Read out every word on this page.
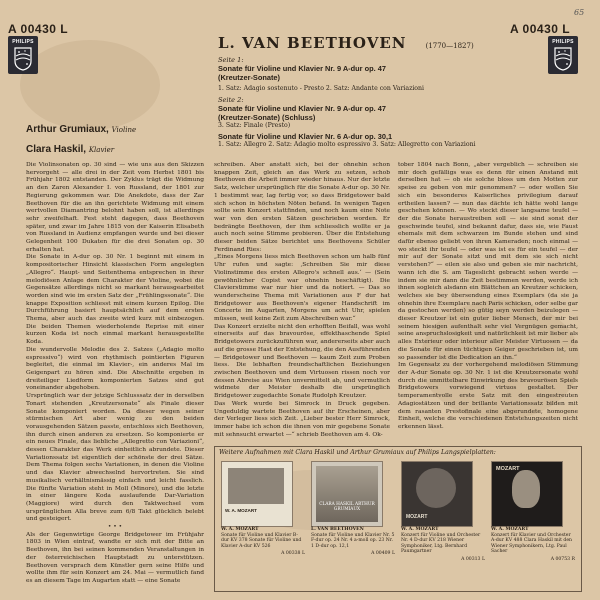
A 00430 L	A 00430 L
65
PHILIPS	PHILIPS
L. VAN BEETHOVEN	(1770—1827)
Seite 1:
Sonate für Violine und Klavier Nr. 9 A-dur op. 47
(Kreutzer-Sonate)
1. Satz: Adagio sostenuto - Presto 2. Satz: Andante con Variazioni
Seite 2:
Sonate für Violine und Klavier Nr. 9 A-dur op. 47
(Kreutzer-Sonate) (Schluss)
3. Satz: Finale (Presto)
Sonate für Violine und Klavier Nr. 6 A-dur op. 30,1
1. Satz: Allegro 2. Satz: Adagio molto espressivo 3. Satz: Allegretto con Variazioni
Arthur Grumiaux, Violine
Clara Haskil, Klavier

Die Violinsonaten op. 30 sind — wie uns aus den Skizzen hervorgeht — alle drei in der Zeit vom Herbst 1801 bis Frühjahr 1802 entstanden. Der Zyklus trägt die Widmung an den Zaren Alexander I. von Russland, der 1801 zur Regierung gekommen war. Die Anekdote, dass der Zar Beethoven für die an ihn gerichtete Widmung mit einem wertvollen Diamantring belohnt haben soll, ist allerdings sehr zweifelhaft. Fest steht dagegen, dass Beethoven später, und zwar im Jahre 1815 von der Kaiserin Elisabeth von Russland in Audienz empfangen wurde und bei dieser Gelegenheit 100 Dukaten für die drei Sonaten op. 30 erhalten hat.

Die Sonate in A-dur op. 30 Nr. 1 beginnt mit einem in kompositorischer Hinsicht klassischen Form angelegten „Allegro“. Haupt- und Seitenthema entsprechen in ihrer melodiösen Anlage dem Charakter der Violine, wobei die Gegensätze allerdings nicht so markant herausgearbeitet worden sind wie im ersten Satz der „Frühlingssonate“. Die knappe Exposition schliesst mit einem kurzen Epilog. Die Durchführung basiert hauptsächlich auf dem ersten Thema, aber auch das zweite wird kurz mit einbezogen. Die beiden Themen wiederholende Reprise mit einer kurzen Koda ist noch einmal markant herausgestellte Koda.

Die wundervolle Melodie des 2. Satzes („Adagio molto espressivo“) wird von rhythmisch pointierten Figuren begleitet, die einmal im Klavier-, ein anderes Mal im Geigenpart zu hören sind. Die Abschnitte ergeben in dreiteiliger Liedform komponierten Satzes sind gut voneinander abgehoben.

Ursprünglich war der jetzige Schlusssatz der in derselben Tonart stehenden „Kreutzersonate“ als Finale dieser Sonate komponiert worden. Da dieser wegen seiner stürmischen Art aber wenig zu den beiden vorausgehenden Sätzen passte, entschloss sich Beethoven, ihn durch einen anderen zu ersetzen. So komponierte er ein neues Finale, das liebliche „Allegretto con Variazioni“, dessen Charakter das Werk einheitlich abrundete. Dieser Variationssatz ist eigentlich der schönste der drei Sätze. Dem Thema folgen sechs Variationen, in denen die Violine und das Klavier abwechselnd hervortreten. Sie sind musikalisch verhältnismässig einfach und leicht fasslich. Die fünfte Variation steht in Moll (Minore), und die letzte in einer längere Koda auslaufende Dar-Variation (Maggiore) wird durch den Taktwechsel vom ursprünglichen Alla breve zum 6/8 Takt glücklich belebt und gesteigert.

• • •

Als der Gegenwirtige George Bridgetower im Frühjahr 1803 in Wien eintraf, wandte er sich mit der Bitte an Beethoven, ihn bei seinen kommenden Veranstaltungen in der österreichischen Hauptstadt zu unterstützen. Beethoven versprach dem Künstler gern seine Hilfe und wollte ihm für sein Konzert am 24. Mai — vermutlich fand es an diesem Tage im Augarten statt — eine Sonate

schreiben. Aber anstatt sich, bei der ohnehin schon knappen Zeit, gleich an das Werk zu setzen, schob Beethoven die Arbeit immer wieder hinaus. Nur der letzte Satz, welcher ursprünglich für die Sonate A-dur op. 30 Nr. 1 bestimmt war, lag fertig vor, so dass Bridgetower bald sich schon in höchsten Nöten befand. In wenigen Tagen sollte sein Konzert stattfinden, und noch kaum eine Note war von den ersten Sätzen geschrieben worden. Er bedrängte Beethoven, der ihm schliesslich wollte er ja auch noch seine Stimme probieren. Über die Entstehung dieser beiden Sätze berichtet uns Beethovens Schüler Ferdinand Ries:

„Eines Morgens liess mich Beethoven schon um halb fünf Uhr rufen und sagte: ‚Schreiben Sie mir diese Violinstimme des ersten Allegro's schnell aus.‘ — (Sein gewöhnlicher Copist war ohnehin beschäftigt). Die Clavierstimme war nur hier und da notiert. — Das so wunderscheine Thema mit Variationen aus F dur hat Bridgetower aus Beethoven's eigener Handschrift im Concerte im Augarten, Morgens um acht Uhr, spielen müssen, weil keine Zeit zum Abschreiben war.“

Das Konzert erzielte nicht den erhofften Beifall, was wohl einerseits auf das bravouröse, effekthaschende Spiel Bridgetowers zurückzuführen war, andererseits aber auch auf die grosse Hast der Entstehung, die den Ausführenden — Bridgetower und Beethoven — kaum Zeit zum Proben liess. Die lebhaften freundschaftlichen Beziehungen zwischen Beethoven und dem Virtuosen rissen noch vor dessen Abreise aus Wien unvermittelt ab, und vermutlich widmete der Meister deshalb die ursprünglich Bridgetower zugedachte Sonate Rudolph Kreutzer.

Das Werk wurde bei Simrock in Druck gegeben. Ungeduldig wartete Beethoven auf ihr Erscheinen, aber der Verleger liess sich Zeit. „Lieber bester Herr Simrock, immer habe ich schon die ihnen von mir gegebene Sonate mit sehnsucht erwartet —“ schrieb Beethoven am 4. Ok-

tober 1804 nach Bonn, „aber vergeblich — schreiben sie mir doch gefälligs was es denn für einen Anstand mit derselben hat — ob sie solche bloss um den Motten zur speise zu geben von mir genommen? — oder wollen Sie sich ein besonderes Kaiserliches privilegium darauf ertheilen lassen? — nun das dächte ich hätte wohl lange geschehen können. — Wo steckt dieser langsame teufel — der die Sonate heraustreiben soll — sie sind sonst der geschwinde teufel, sind bekannt dafur, dass sie, wie Faust ehemals mit dem schwarzen im Bunde stehen und sind dafür ebenso geliebt von ihren Kameraden; noch einmal — wo steckt ihr teufel — oder was ist es für ein teufel — der mir auf der Sonate sitzt und mit dem sie sich nicht verstehen?“ — eilen sie also und geben sie mir nachricht, wann ich die S. am Tageslicht gebracht sehen werde — indem sie mir dann die Zeit bestimmen werden, werde ich ihnen sogleich alsdann ein Blättchen an Kreutzer schicken, welches sie bey übersendung eines Exemplars (da sie ja ohnehin ihre Exemplare nach Paris schicken, oder selbe gar da gestochen werden) so gütig seyn werden beizulegen — dieser Kreutzer ist ein guter lieber Mensch, der mir bei seinem hiesigen aufenthalt sehr viel Vergnügen gemacht, seine anspruchslosigkeit und natürlichkeit ist mir lieber als alles Exterieur oder interieur aller Meister Virtuosen — da die Sonate für einen tüchtigen Geiger geschrieben ist, um so passender ist die Dedication an ihn.“

Im Gegensatz zu der vorhergehend melodiösen Stimmung der A-dur Sonate op. 30 Nr. 1 ist die Kreutzersonate wohl durch die unmittelbare Einwirkung des bravourösen Spiels Bridgetowers vorwiegend virtuos gestaltet. Der temperamentvolle erste Satz mit den eingestreuten Adagiostätzen und der brillante Variationssatz bilden mit dem rasanten Prestofinale eine abgerundete, homogene Einheit, welche die verschiedenen Entstehungszeiten nicht erkennen lässt.

Weitere Aufnahmen mit Clara Haskil und Arthur Grumiaux auf Philips Langspielplatten:
W. A. MOZART
W. A. MOZART
Sonate für Violine und Klavier B-dur KV 378 Sonate für Violine und Klavier A-dur KV 526
A 00338 L
CLARA HASKIL ARTHUR GRUMIAUX
L. VAN BEETHOVEN
Sonate für Violine und Klavier Nr. 5 F-dur op. 24 Nr. 4 a-moll op. 23 Nr. 1 D-dur op. 12,1
A 00409 L
MOZART
W. A. MOZART
Konzert für Violine und Orchester Nr. 4 D-dur KV 218 Wiener Symphoniker, Ltg. Bernhard Paumgartner
A 00313 L
MOZART
W. A. MOZART
Konzert für Klavier und Orchester A-dur KV 488 Clara Haskil mit den Wiener Symphonikern, Ltg. Paul Sacher
A 00753 R
